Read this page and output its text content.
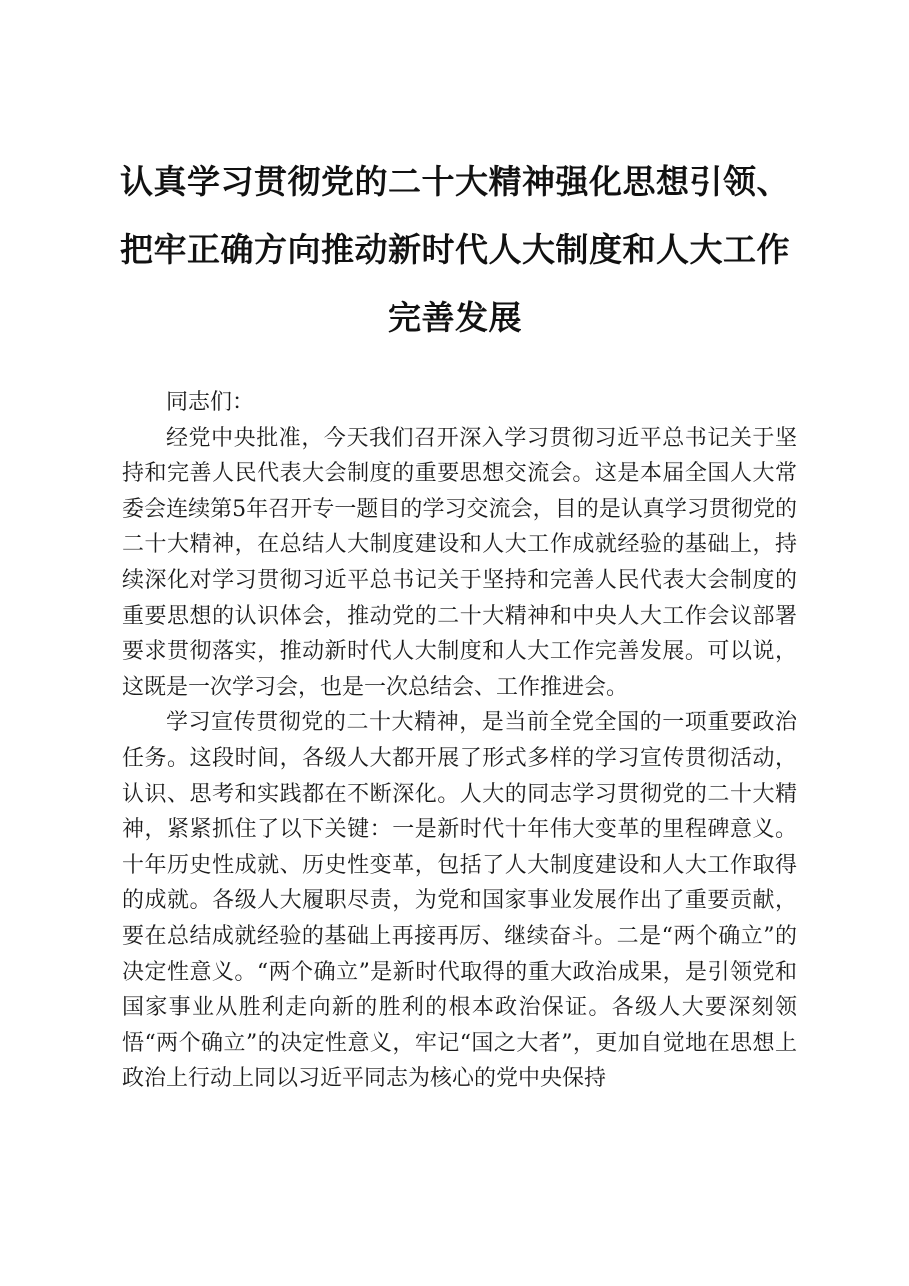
认真学习贯彻党的二十大精神强化思想引领、
把牢正确方向推动新时代人大制度和人大工作
完善发展

同志们：

经党中央批准，今天我们召开深入学习贯彻习近平总书记关于坚持和完善人民代表大会制度的重要思想交流会。这是本届全国人大常委会连续第5年召开专一题目的学习交流会，目的是认真学习贯彻党的二十大精神，在总结人大制度建设和人大工作成就经验的基础上，持续深化对学习贯彻习近平总书记关于坚持和完善人民代表大会制度的重要思想的认识体会，推动党的二十大精神和中央人大工作会议部署要求贯彻落实，推动新时代人大制度和人大工作完善发展。可以说，这既是一次学习会，也是一次总结会、工作推进会。

学习宣传贯彻党的二十大精神，是当前全党全国的一项重要政治任务。这段时间，各级人大都开展了形式多样的学习宣传贯彻活动，认识、思考和实践都在不断深化。人大的同志学习贯彻党的二十大精神，紧紧抓住了以下关键：一是新时代十年伟大变革的里程碑意义。十年历史性成就、历史性变革，包括了人大制度建设和人大工作取得的成就。各级人大履职尽责，为党和国家事业发展作出了重要贡献，要在总结成就经验的基础上再接再厉、继续奋斗。二是“两个确立”的决定性意义。“两个确立”是新时代取得的重大政治成果，是引领党和国家事业从胜利走向新的胜利的根本政治保证。各级人大要深刻领悟“两个确立”的决定性意义，牢记“国之大者”，更加自觉地在思想上政治上行动上同以习近平同志为核心的党中央保持
